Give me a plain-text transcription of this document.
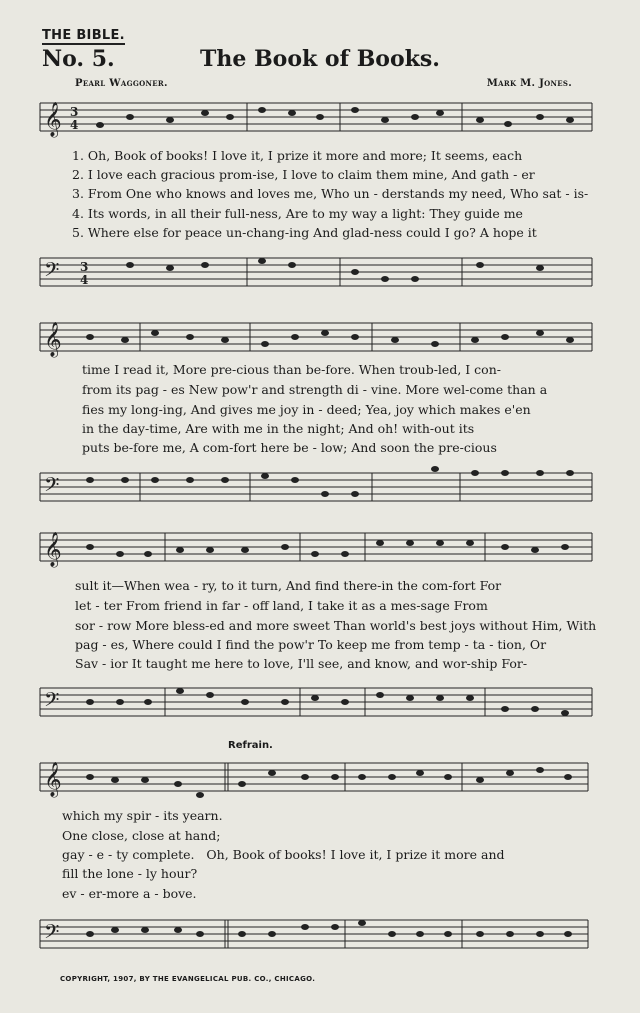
THE BIBLE.
No. 5.	The Book of Books.
Pearl Waggoner.	Mark M. Jones.
𝄞 3
4
1. Oh, Book of books! I love it, I prize it more and more; It seems, each
2. I love each gracious prom-ise, I love to claim them mine, And gath - er
3. From One who knows and loves me, Who un - derstands my need, Who sat - is-
4. Its words, in all their full-ness, Are to my way a light: They guide me
5. Where else for peace un-chang-ing And glad-ness could I go? A hope it
𝄢 3
4
𝄞
time I read it, More pre-cious than be-fore. When troub-led, I con-
from its pag - es New pow'r and strength di - vine. More wel-come than a
fies my long-ing, And gives me joy in - deed; Yea, joy which makes e'en
in the day-time, Are with me in the night; And oh! with-out its
puts be-fore me, A com-fort here be - low; And soon the pre-cious
𝄢
𝄞
sult it—When wea - ry, to it turn, And find there-in the com-fort For
let - ter From friend in far - off land, I take it as a mes-sage From
sor - row More bless-ed and more sweet Than world's best joys without Him, With
pag - es, Where could I find the pow'r To keep me from temp - ta - tion, Or
Sav - ior It taught me here to love, I'll see, and know, and wor-ship For-
𝄢
Refrain.
𝄞
which my spir - its yearn.
One close, close at hand;
gay - e - ty complete.   Oh, Book of books! I love it, I prize it more and
fill the lone - ly hour?
ev - er-more a - bove.
𝄢
COPYRIGHT, 1907, BY THE EVANGELICAL PUB. CO., CHICAGO.
